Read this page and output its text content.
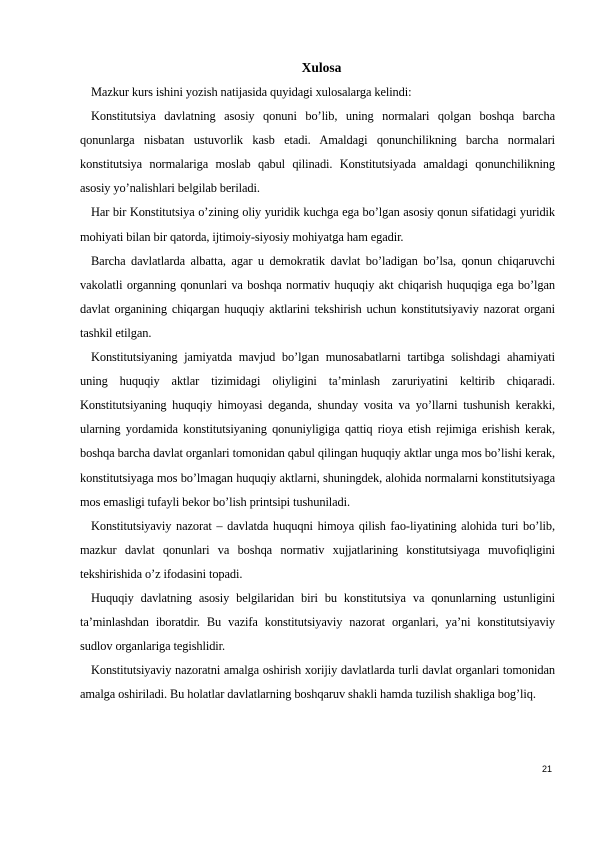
Xulosa

Mazkur kurs ishini yozish natijasida quyidagi xulosalarga kelindi:

Konstitutsiya davlatning asosiy qonuni bo’lib, uning normalari qolgan boshqa barcha qonunlarga nisbatan ustuvorlik kasb etadi. Amaldagi qonunchilikning barcha normalari konstitutsiya normalariga moslab qabul qilinadi. Konstitutsiyada amaldagi qonunchilikning asosiy yo’nalishlari belgilab beriladi.

Har bir Konstitutsiya o’zining oliy yuridik kuchga ega bo’lgan asosiy qonun sifatidagi yuridik mohiyati bilan bir qatorda, ijtimoiy-siyosiy mohiyatga ham egadir.

Barcha davlatlarda albatta, agar u demokratik davlat bo’ladigan bo’lsa, qonun chiqaruvchi vakolatli organning qonunlari va boshqa normativ huquqiy akt chiqarish huquqiga ega bo’lgan davlat organining chiqargan huquqiy aktlarini tekshirish uchun konstitutsiyaviy nazorat organi tashkil etilgan.

Konstitutsiyaning jamiyatda mavjud bo’lgan munosabatlarni tartibga solishdagi ahamiyati uning huquqiy aktlar tizimidagi oliyligini ta’minlash zaruriyatini keltirib chiqaradi. Konstitutsiyaning huquqiy himoyasi deganda, shunday vosita va yo’llarni tushunish kerakki, ularning yordamida konstitutsiyaning qonuniyligiga qattiq rioya etish rejimiga erishish kerak, boshqa barcha davlat organlari tomonidan qabul qilingan huquqiy aktlar unga mos bo’lishi kerak, konstitutsiyaga mos bo’lmagan huquqiy aktlarni, shuningdek, alohida normalarni konstitutsiyaga mos emasligi tufayli bekor bo’lish printsipi tushuniladi.

Konstitutsiyaviy nazorat – davlatda huquqni himoya qilish fao-liyatining alohida turi bo’lib, mazkur davlat qonunlari va boshqa normativ xujjatlarining konstitutsiyaga muvofiqligini tekshirishida o’z ifodasini topadi.

Huquqiy davlatning asosiy belgilaridan biri bu konstitutsiya va qonunlarning ustunligini ta’minlashdan iboratdir. Bu vazifa konstitutsiyaviy nazorat organlari, ya’ni konstitutsiyaviy sudlov organlariga tegishlidir.

Konstitutsiyaviy nazoratni amalga oshirish xorijiy davlatlarda turli davlat organlari tomonidan amalga oshiriladi. Bu holatlar davlatlarning boshqaruv shakli hamda tuzilish shakliga bog’liq.

21
